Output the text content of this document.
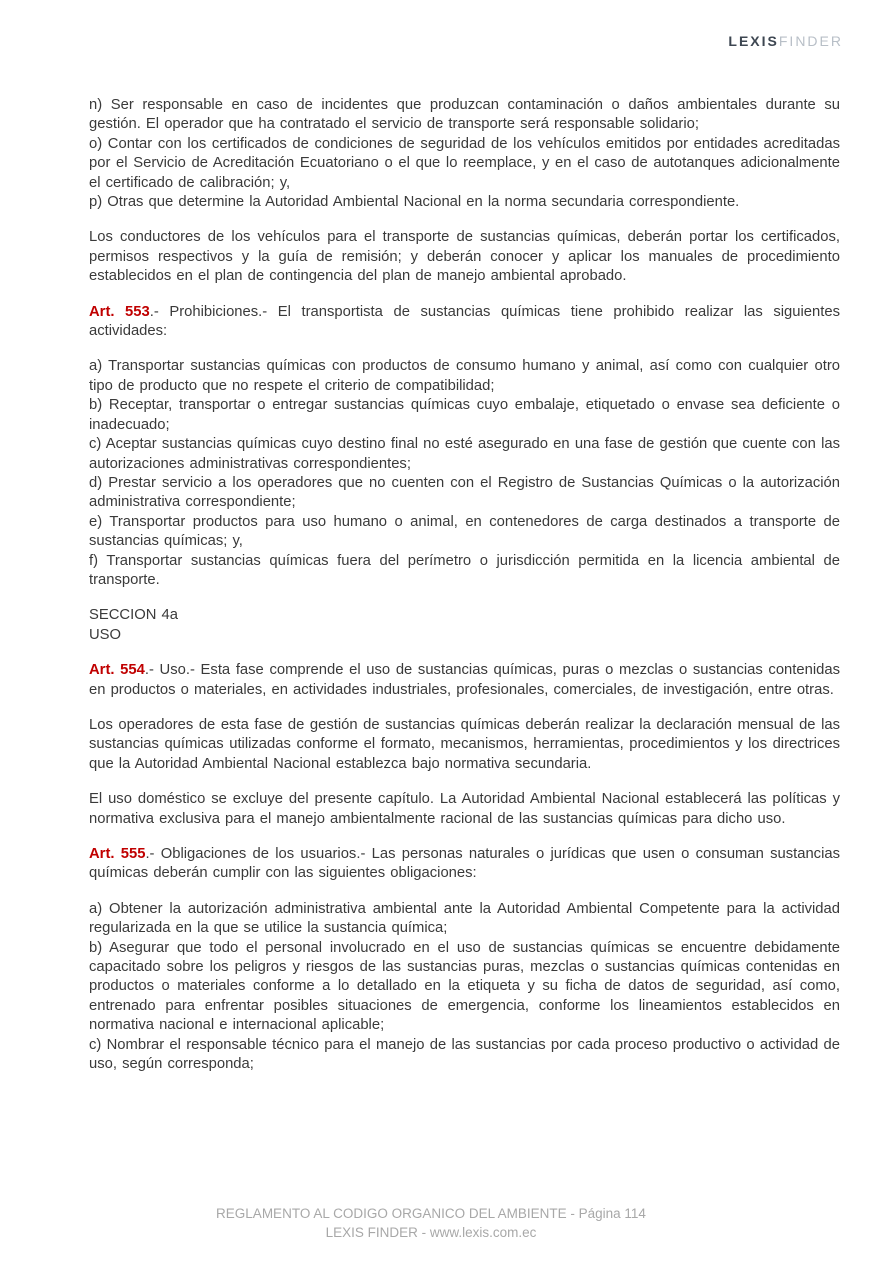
LEXISFINDER

n) Ser responsable en caso de incidentes que produzcan contaminación o daños ambientales durante su gestión. El operador que ha contratado el servicio de transporte será responsable solidario;

o) Contar con los certificados de condiciones de seguridad de los vehículos emitidos por entidades acreditadas por el Servicio de Acreditación Ecuatoriano o el que lo reemplace, y en el caso de autotanques adicionalmente el certificado de calibración; y,

p) Otras que determine la Autoridad Ambiental Nacional en la norma secundaria correspondiente.

Los conductores de los vehículos para el transporte de sustancias químicas, deberán portar los certificados, permisos respectivos y la guía de remisión; y deberán conocer y aplicar los manuales de procedimiento establecidos en el plan de contingencia del plan de manejo ambiental aprobado.

Art. 553.- Prohibiciones.- El transportista de sustancias químicas tiene prohibido realizar las siguientes actividades:

a) Transportar sustancias químicas con productos de consumo humano y animal, así como con cualquier otro tipo de producto que no respete el criterio de compatibilidad;

b) Receptar, transportar o entregar sustancias químicas cuyo embalaje, etiquetado o envase sea deficiente o inadecuado;

c) Aceptar sustancias químicas cuyo destino final no esté asegurado en una fase de gestión que cuente con las autorizaciones administrativas correspondientes;

d) Prestar servicio a los operadores que no cuenten con el Registro de Sustancias Químicas o la autorización administrativa correspondiente;

e) Transportar productos para uso humano o animal, en contenedores de carga destinados a transporte de sustancias químicas; y,

f) Transportar sustancias químicas fuera del perímetro o jurisdicción permitida en la licencia ambiental de transporte.

SECCION 4a

USO

Art. 554.- Uso.- Esta fase comprende el uso de sustancias químicas, puras o mezclas o sustancias contenidas en productos o materiales, en actividades industriales, profesionales, comerciales, de investigación, entre otras.

Los operadores de esta fase de gestión de sustancias químicas deberán realizar la declaración mensual de las sustancias químicas utilizadas conforme el formato, mecanismos, herramientas, procedimientos y los directrices que la Autoridad Ambiental Nacional establezca bajo normativa secundaria.

El uso doméstico se excluye del presente capítulo. La Autoridad Ambiental Nacional establecerá las políticas y normativa exclusiva para el manejo ambientalmente racional de las sustancias químicas para dicho uso.

Art. 555.- Obligaciones de los usuarios.- Las personas naturales o jurídicas que usen o consuman sustancias químicas deberán cumplir con las siguientes obligaciones:

a) Obtener la autorización administrativa ambiental ante la Autoridad Ambiental Competente para la actividad regularizada en la que se utilice la sustancia química;

b) Asegurar que todo el personal involucrado en el uso de sustancias químicas se encuentre debidamente capacitado sobre los peligros y riesgos de las sustancias puras, mezclas o sustancias químicas contenidas en productos o materiales conforme a lo detallado en la etiqueta y su ficha de datos de seguridad, así como, entrenado para enfrentar posibles situaciones de emergencia, conforme los lineamientos establecidos en normativa nacional e internacional aplicable;

c) Nombrar el responsable técnico para el manejo de las sustancias por cada proceso productivo o actividad de uso, según corresponda;

REGLAMENTO AL CODIGO ORGANICO DEL AMBIENTE - Página 114
LEXIS FINDER - www.lexis.com.ec
